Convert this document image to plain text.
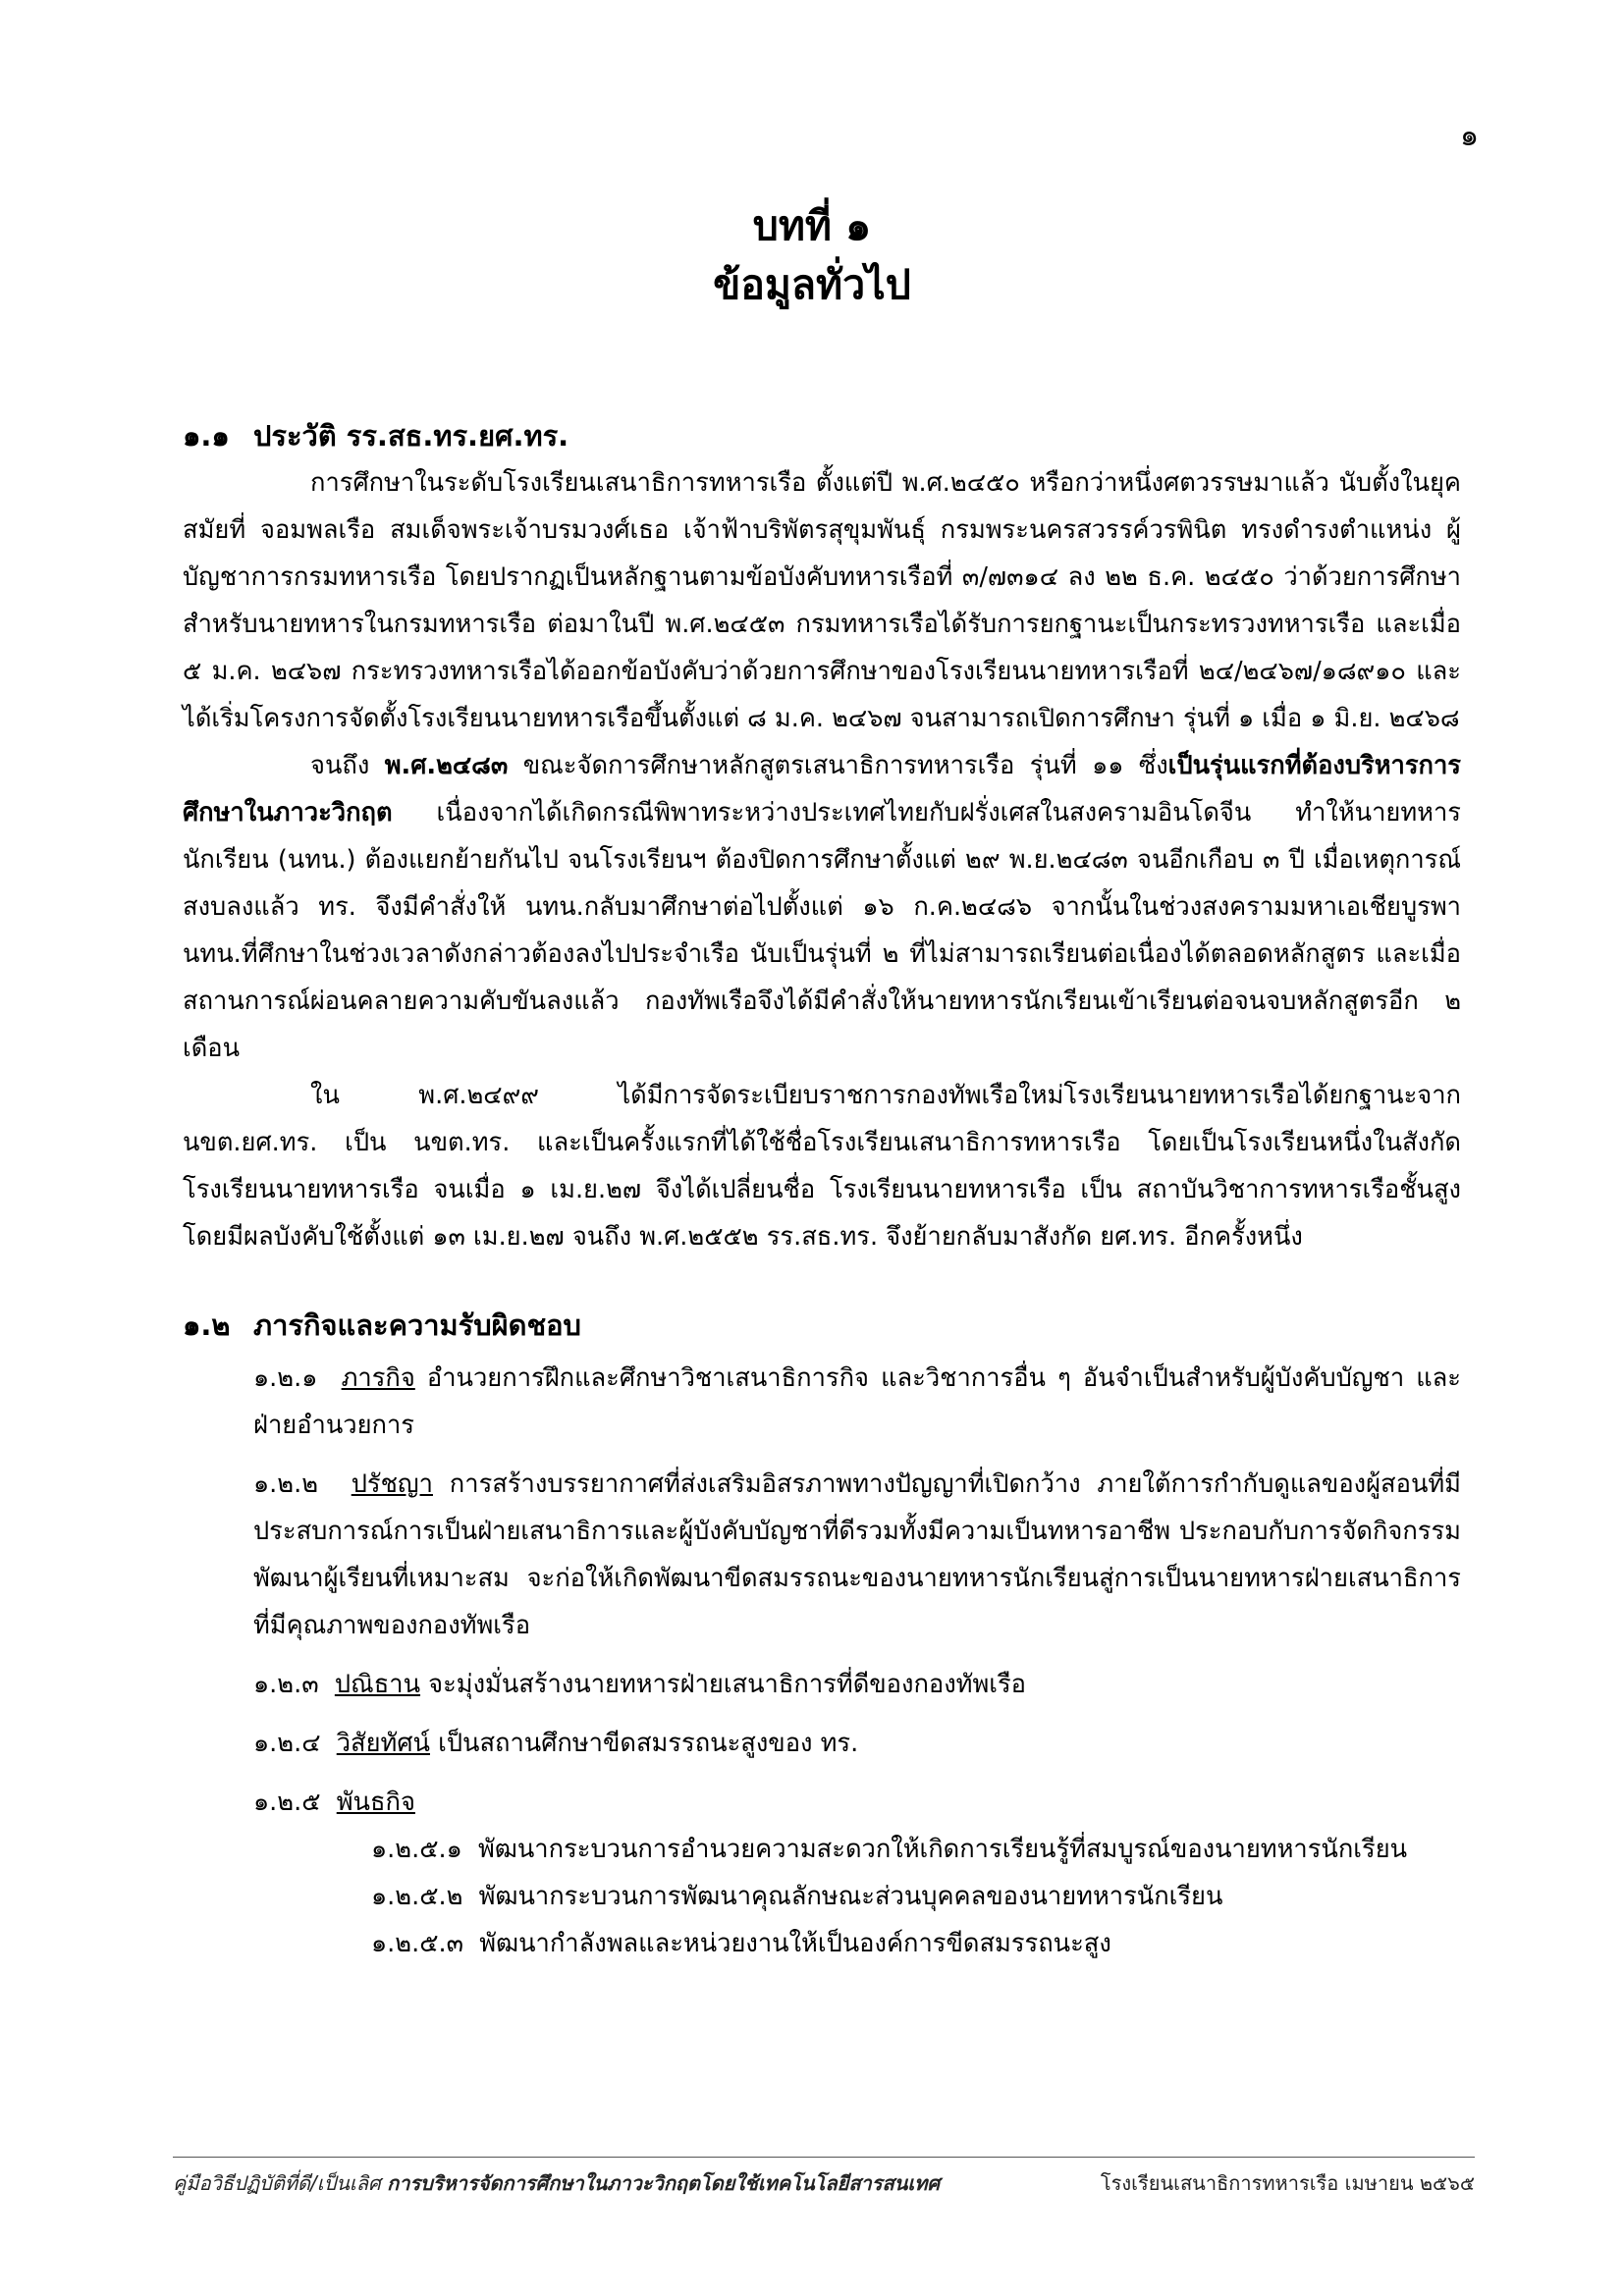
๑
บทที่ ๑
ข้อมูลทั่วไป
๑.๑ ประวัติ รร.สธ.ทร.ยศ.ทร.

การศึกษาในระดับโรงเรียนเสนาธิการทหารเรือ ตั้งแต่ปี พ.ศ.๒๔๕๐ หรือกว่าหนึ่งศตวรรษมาแล้ว นับตั้งในยุคสมัยที่ จอมพลเรือ สมเด็จพระเจ้าบรมวงศ์เธอ เจ้าฟ้าบริพัตรสุขุมพันธุ์ กรมพระนครสวรรค์วรพินิต ทรงดำรงตำแหน่ง ผู้บัญชาการกรมทหารเรือ โดยปรากฏเป็นหลักฐานตามข้อบังคับทหารเรือที่ ๓/๗๓๑๔ ลง ๒๒ ธ.ค. ๒๔๕๐ ว่าด้วยการศึกษาสำหรับนายทหารในกรมทหารเรือ ต่อมาในปี พ.ศ.๒๔๕๓ กรมทหารเรือได้รับการยกฐานะเป็นกระทรวงทหารเรือ และเมื่อ ๕ ม.ค. ๒๔๖๗ กระทรวงทหารเรือได้ออกข้อบังคับว่าด้วยการศึกษาของโรงเรียนนายทหารเรือที่ ๒๔/๒๔๖๗/๑๘๙๑๐ และได้เริ่มโครงการจัดตั้งโรงเรียนนายทหารเรือขึ้นตั้งแต่ ๘ ม.ค. ๒๔๖๗ จนสามารถเปิดการศึกษา รุ่นที่ ๑ เมื่อ ๑ มิ.ย. ๒๔๖๘

จนถึง พ.ศ.๒๔๘๓ ขณะจัดการศึกษาหลักสูตรเสนาธิการทหารเรือ รุ่นที่ ๑๑ ซึ่งเป็นรุ่นแรกที่ต้องบริหารการศึกษาในภาวะวิกฤต เนื่องจากได้เกิดกรณีพิพาทระหว่างประเทศไทยกับฝรั่งเศสในสงครามอินโดจีน ทำให้นายทหารนักเรียน (นทน.) ต้องแยกย้ายกันไป จนโรงเรียนฯ ต้องปิดการศึกษาตั้งแต่ ๒๙ พ.ย.๒๔๘๓ จนอีกเกือบ ๓ ปี เมื่อเหตุการณ์สงบลงแล้ว ทร. จึงมีคำสั่งให้ นทน.กลับมาศึกษาต่อไปตั้งแต่ ๑๖ ก.ค.๒๔๘๖ จากนั้นในช่วงสงครามมหาเอเชียบูรพา นทน.ที่ศึกษาในช่วงเวลาดังกล่าวต้องลงไปประจำเรือ นับเป็นรุ่นที่ ๒ ที่ไม่สามารถเรียนต่อเนื่องได้ตลอดหลักสูตร และเมื่อสถานการณ์ผ่อนคลายความคับขันลงแล้ว กองทัพเรือจึงได้มีคำสั่งให้นายทหารนักเรียนเข้าเรียนต่อจนจบหลักสูตรอีก ๒ เดือน

ใน พ.ศ.๒๔๙๙ ได้มีการจัดระเบียบราชการกองทัพเรือใหม่โรงเรียนนายทหารเรือได้ยกฐานะจาก นขต.ยศ.ทร. เป็น นขต.ทร. และเป็นครั้งแรกที่ได้ใช้ชื่อโรงเรียนเสนาธิการทหารเรือ โดยเป็นโรงเรียนหนึ่งในสังกัดโรงเรียนนายทหารเรือ จนเมื่อ ๑ เม.ย.๒๗ จึงได้เปลี่ยนชื่อ โรงเรียนนายทหารเรือ เป็น สถาบันวิชาการทหารเรือชั้นสูง โดยมีผลบังคับใช้ตั้งแต่ ๑๓ เม.ย.๒๗ จนถึง พ.ศ.๒๕๕๒ รร.สธ.ทร. จึงย้ายกลับมาสังกัด ยศ.ทร. อีกครั้งหนึ่ง

๑.๒ ภารกิจและความรับผิดชอบ

๑.๒.๑ ภารกิจ อำนวยการฝึกและศึกษาวิชาเสนาธิการกิจ และวิชาการอื่น ๆ อันจำเป็นสำหรับผู้บังคับบัญชา และฝ่ายอำนวยการ

๑.๒.๒ ปรัชญา การสร้างบรรยากาศที่ส่งเสริมอิสรภาพทางปัญญาที่เปิดกว้าง ภายใต้การกำกับดูแลของผู้สอนที่มีประสบการณ์การเป็นฝ่ายเสนาธิการและผู้บังคับบัญชาที่ดีรวมทั้งมีความเป็นทหารอาชีพ ประกอบกับการจัดกิจกรรมพัฒนาผู้เรียนที่เหมาะสม จะก่อให้เกิดพัฒนาขีดสมรรถนะของนายทหารนักเรียนสู่การเป็นนายทหารฝ่ายเสนาธิการที่มีคุณภาพของกองทัพเรือ

๑.๒.๓ ปณิธาน จะมุ่งมั่นสร้างนายทหารฝ่ายเสนาธิการที่ดีของกองทัพเรือ

๑.๒.๔ วิสัยทัศน์ เป็นสถานศึกษาขีดสมรรถนะสูงของ ทร.

๑.๒.๕ พันธกิจ

๑.๒.๕.๑ พัฒนากระบวนการอำนวยความสะดวกให้เกิดการเรียนรู้ที่สมบูรณ์ของนายทหารนักเรียน

๑.๒.๕.๒ พัฒนากระบวนการพัฒนาคุณลักษณะส่วนบุคคลของนายทหารนักเรียน

๑.๒.๕.๓ พัฒนากำลังพลและหน่วยงานให้เป็นองค์การขีดสมรรถนะสูง

คู่มือวิธีปฏิบัติที่ดี/เป็นเลิศ การบริหารจัดการศึกษาในภาวะวิกฤตโดยใช้เทคโนโลยีสารสนเทศ	โรงเรียนเสนาธิการทหารเรือ เมษายน ๒๕๖๕
